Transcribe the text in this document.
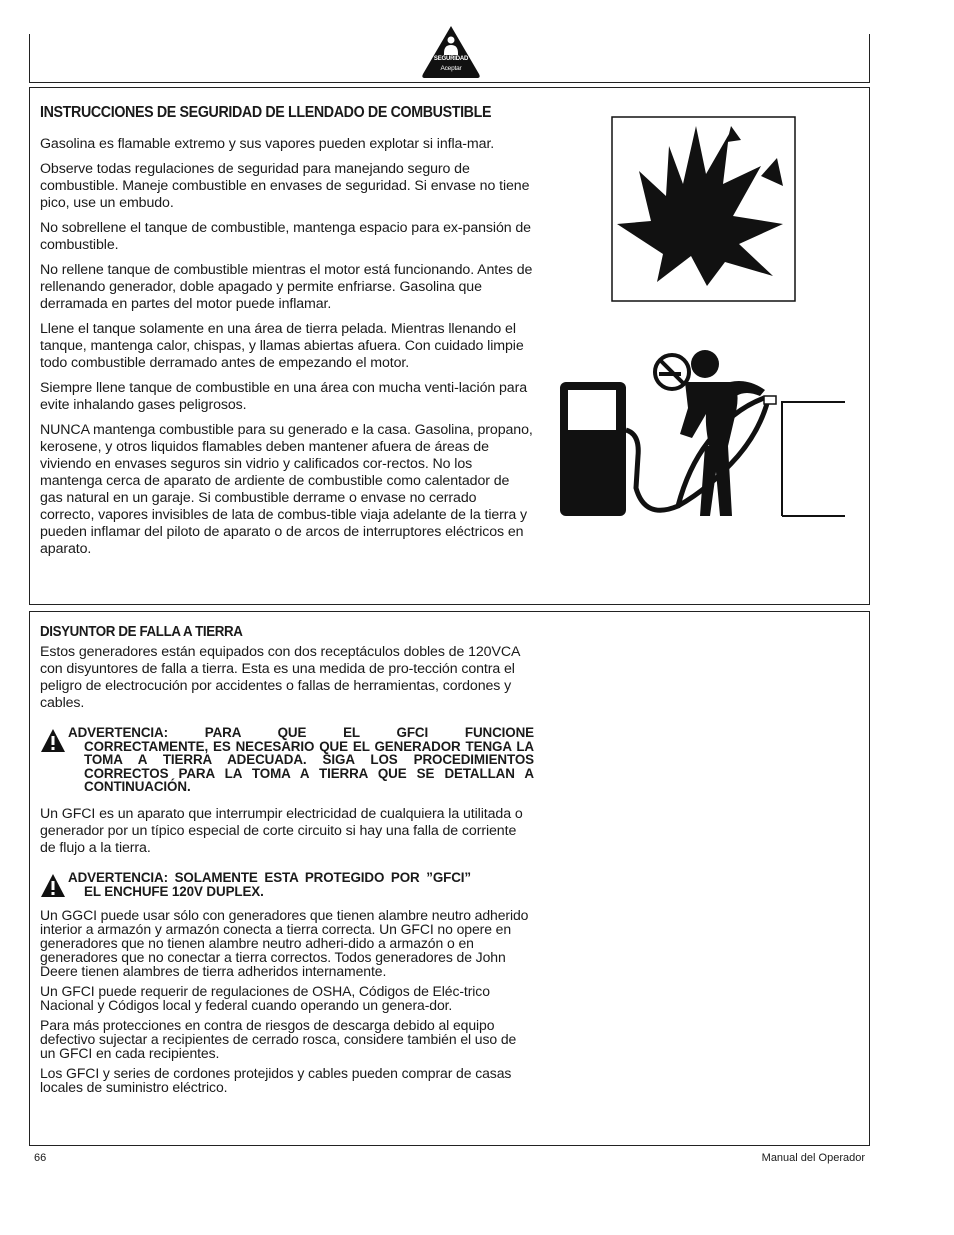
SEGURIDAD
Aceptar
INSTRUCCIONES DE SEGURIDAD DE LLENDADO DE COMBUSTIBLE

Gasolina es flamable extremo y sus vapores pueden explotar si infla-mar.

Observe todas regulaciones de seguridad para manejando seguro de combustible. Maneje combustible en envases de seguridad. Si envase no tiene pico, use un embudo.

No sobrellene el tanque de combustible, mantenga espacio para ex-pansión de combustible.

No rellene tanque de combustible mientras el motor está funcionando. Antes de rellenando generador, doble apagado y permite enfriarse. Gasolina que derramada en partes del motor puede inflamar.

Llene el tanque solamente en una área de tierra pelada. Mientras llenando el tanque, mantenga calor, chispas, y llamas abiertas afuera. Con cuidado limpie todo combustible derramado antes de empezando el motor.

Siempre llene tanque de combustible en una área con mucha venti-lación para evite inhalando gases peligrosos.

NUNCA mantenga combustible para su generado e la casa. Gasolina, propano, kerosene, y otros liquidos flamables deben mantener afuera de áreas de viviendo en envases seguros sin vidrio y calificados cor-rectos. No los mantenga cerca de aparato de ardiente de combustible como calentador de gas natural en un garaje. Si combustible derrame o envase no cerrado correcto, vapores invisibles de lata de combus-tible viaja adelante de la tierra y pueden inflamar del piloto de aparato o de arcos de interruptores eléctricos en aparato.

DISYUNTOR DE FALLA A TIERRA

Estos generadores están equipados con dos receptáculos dobles de 120VCA con disyuntores de falla a tierra. Esta es una medida de pro-tección contra el peligro de electrocución por accidentes o fallas de herramientas, cordones y cables.

ADVERTENCIA: PARA QUE EL GFCI FUNCIONE
CORRECTAMENTE, ES NECESARIO QUE EL GENERADOR TENGA LA TOMA A TIERRA ADECUADA. SIGA LOS PROCEDIMIENTOS CORRECTOS PARA LA TOMA A TIERRA QUE SE DETALLAN A CONTINUACIÓN.

Un GFCI es un aparato que interrumpir electricidad de cualquiera la utilitada o generador por un típico especial de corte circuito si hay una falla de corriente de flujo a la tierra.

ADVERTENCIA: SOLAMENTE ESTA PROTEGIDO POR ”GFCI”
EL ENCHUFE 120V DUPLEX.

Un GGCI puede usar sólo con generadores que tienen alambre neutro adherido interior a armazón y armazón conecta a tierra correcta. Un GFCI no opere en generadores que no tienen alambre neutro adheri-dido a armazón o en generadores que no conectar a tierra correctos. Todos generadores de John Deere tienen alambres de tierra adheridos internamente.

Un GFCI puede requerir de regulaciones de OSHA, Códigos de Eléc-trico Nacional y Códigos local y federal cuando operando un genera-dor.

Para más protecciones en contra de riesgos de descarga debido al equipo defectivo sujectar a recipientes de cerrado rosca, considere también el uso de un GFCI en cada recipientes.

Los GFCI y series de cordones protejidos y cables pueden comprar de casas locales de suministro eléctrico.

66	Manual del Operador
